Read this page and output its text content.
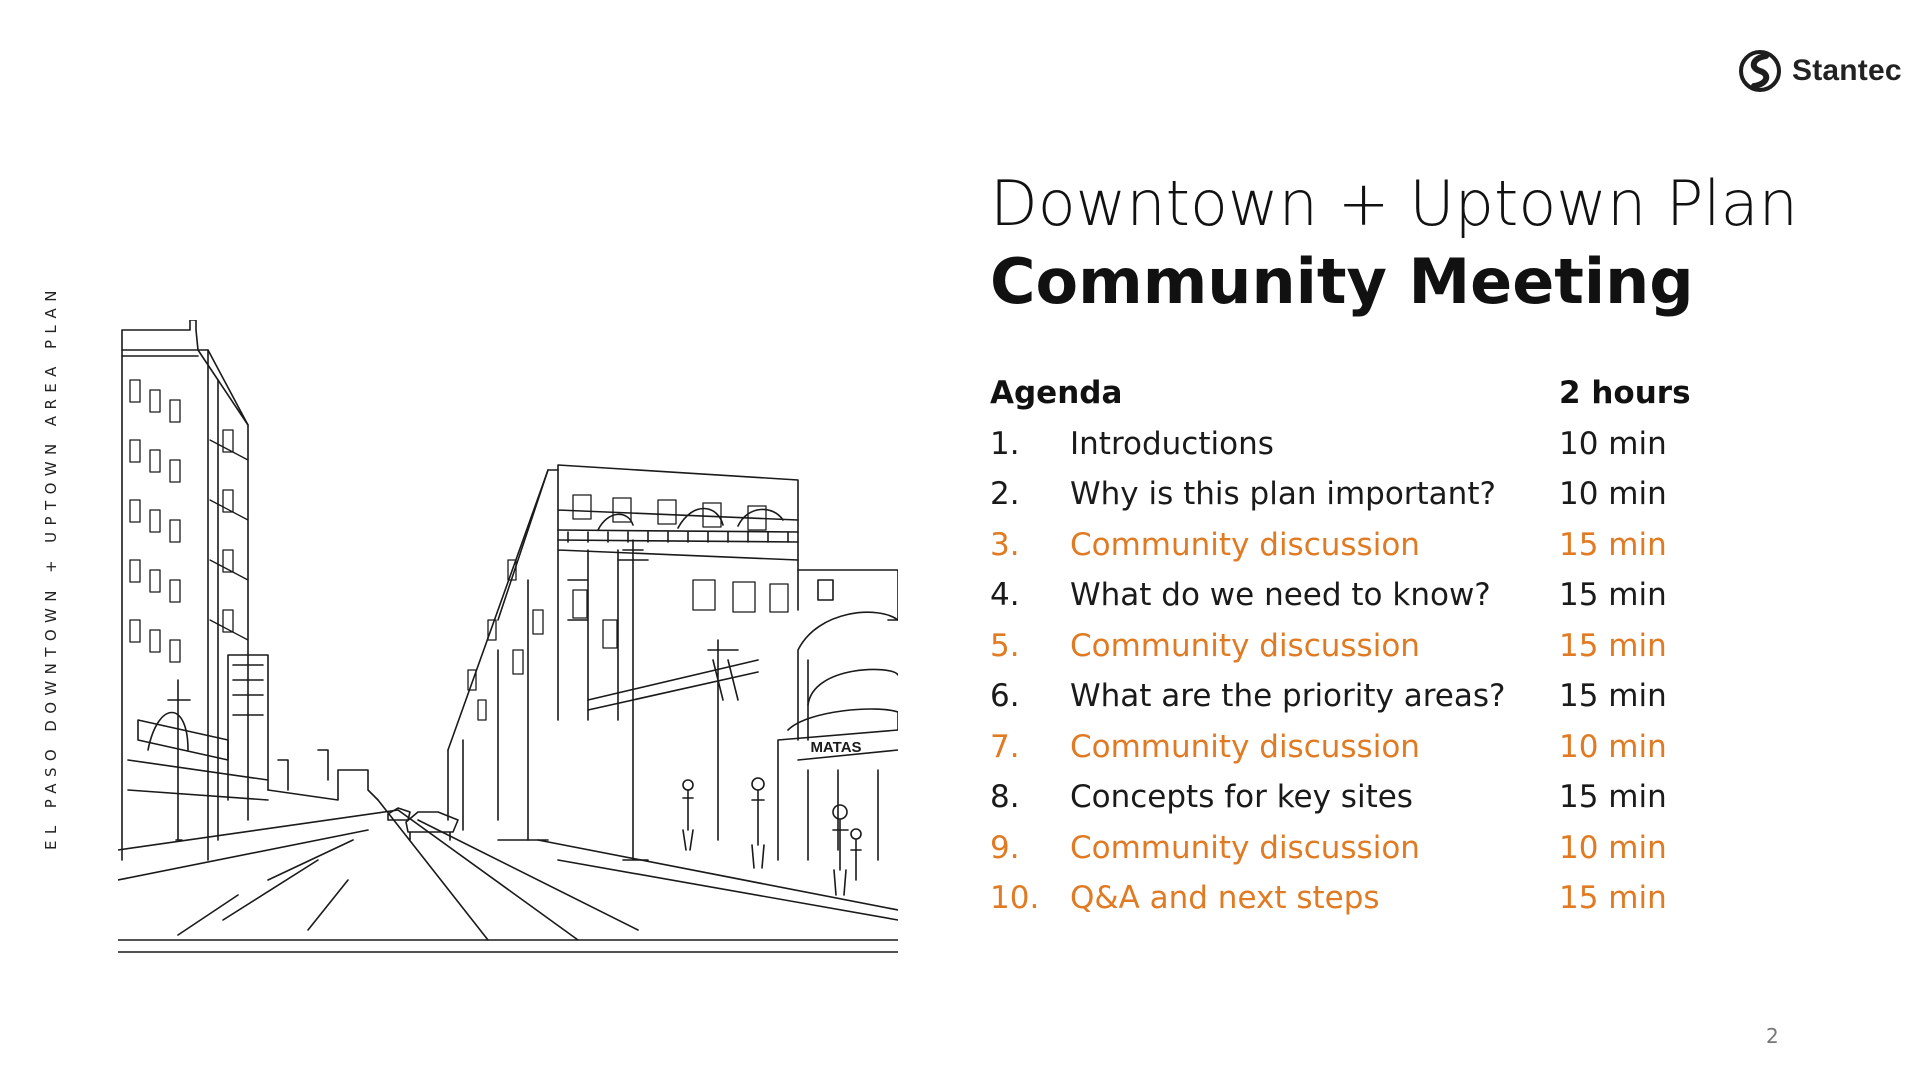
EL PASO DOWNTOWN + UPTOWN AREA PLAN
Stantec
MATAS
Downtown + Uptown Plan
Community Meeting
Agenda	2 hours
1.	Introductions	10 min
2.	Why is this plan important?	10 min
3.	Community discussion	15 min
4.	What do we need to know?	15 min
5.	Community discussion	15 min
6.	What are the priority areas?	15 min
7.	Community discussion	10 min
8.	Concepts for key sites	15 min
9.	Community discussion	10 min
10. Q&A and next steps	15 min
2
